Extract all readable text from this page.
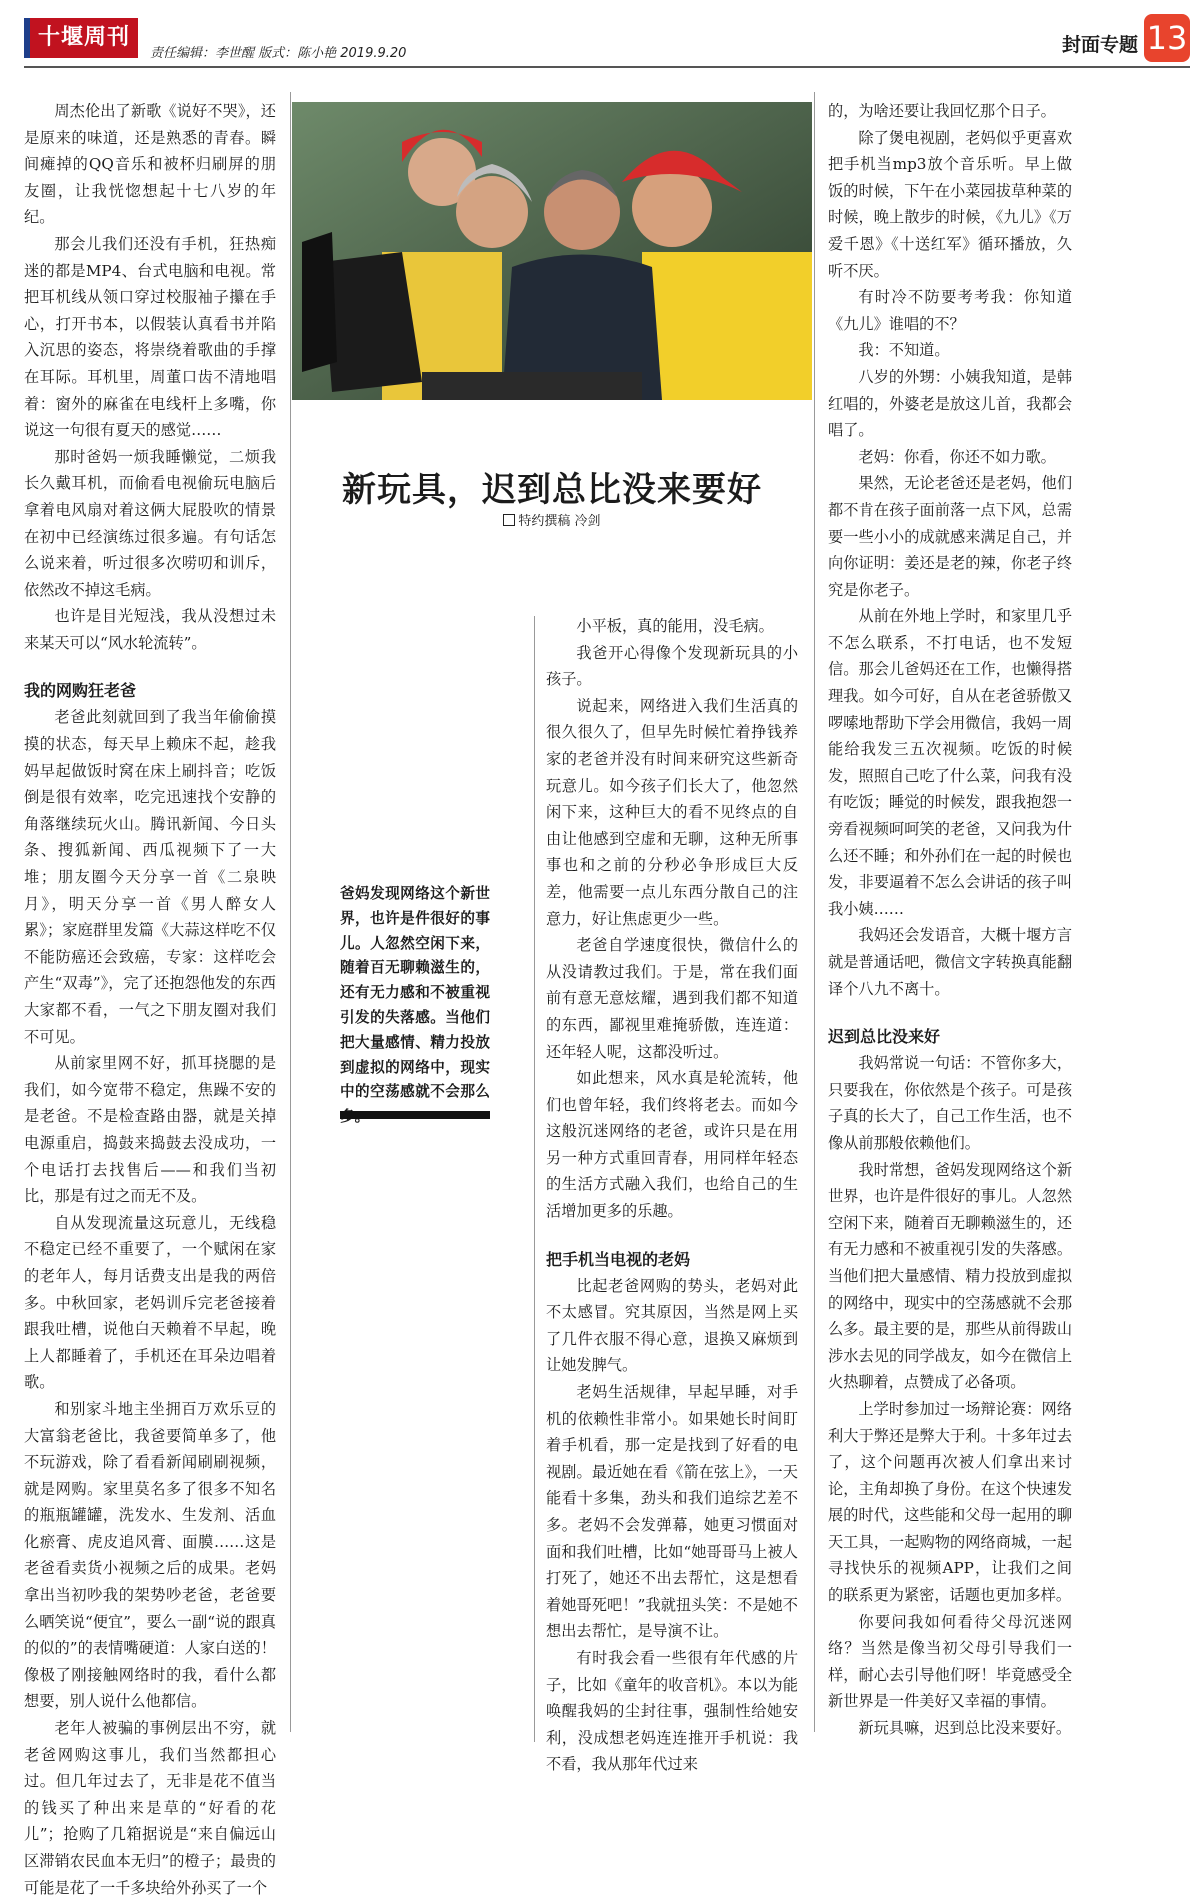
十堰周刊
责任编辑：李世醒 版式：陈小艳 2019.9.20	封面专题 13

周杰伦出了新歌《说好不哭》，还是原来的味道，还是熟悉的青春。瞬间瘫掉的QQ音乐和被杯归刷屏的朋友圈，让我恍惚想起十七八岁的年纪。

那会儿我们还没有手机，狂热痴迷的都是MP4、台式电脑和电视。常把耳机线从领口穿过校服袖子攥在手心，打开书本，以假装认真看书并陷入沉思的姿态，将崇绕着歌曲的手撑在耳际。耳机里，周董口齿不清地唱着：窗外的麻雀在电线杆上多嘴，你说这一句很有夏天的感觉……

那时爸妈一烦我睡懒觉，二烦我长久戴耳机，而偷看电视偷玩电脑后拿着电风扇对着这俩大屁股吹的情景在初中已经演练过很多遍。有句话怎么说来着，听过很多次唠叨和训斥，依然改不掉这毛病。

也许是目光短浅，我从没想过未来某天可以“风水轮流转”。

我的网购狂老爸

老爸此刻就回到了我当年偷偷摸摸的状态，每天早上赖床不起，趁我妈早起做饭时窝在床上刷抖音；吃饭倒是很有效率，吃完迅速找个安静的角落继续玩火山。腾讯新闻、今日头条、搜狐新闻、西瓜视频下了一大堆；朋友圈今天分享一首《二泉映月》，明天分享一首《男人醉女人累》；家庭群里发篇《大蒜这样吃不仅不能防癌还会致癌，专家：这样吃会产生“双毒”》，完了还抱怨他发的东西大家都不看，一气之下朋友圈对我们不可见。

从前家里网不好，抓耳挠腮的是我们，如今宽带不稳定，焦躁不安的是老爸。不是检查路由器，就是关掉电源重启，捣鼓来捣鼓去没成功，一个电话打去找售后——和我们当初比，那是有过之而无不及。

自从发现流量这玩意儿，无线稳不稳定已经不重要了，一个赋闲在家的老年人，每月话费支出是我的两倍多。中秋回家，老妈训斥完老爸接着跟我吐槽，说他白天赖着不早起，晚上人都睡着了，手机还在耳朵边唱着歌。

和别家斗地主坐拥百万欢乐豆的大富翁老爸比，我爸要简单多了，他不玩游戏，除了看看新闻刷刷视频，就是网购。家里莫名多了很多不知名的瓶瓶罐罐，洗发水、生发剂、活血化瘀膏、虎皮追风膏、面膜……这是老爸看卖货小视频之后的成果。老妈拿出当初吵我的架势吵老爸，老爸要么晒笑说“便宜”，要么一副“说的跟真的似的”的表情嘴硬道：人家白送的！像极了刚接触网络时的我，看什么都想要，别人说什么他都信。

老年人被骗的事例层出不穷，就老爸网购这事儿，我们当然都担心过。但几年过去了，无非是花不值当的钱买了种出来是草的“好看的花儿”；抢购了几箱据说是“来自偏远山区滞销农民血本无归”的橙子；最贵的可能是花了一千多块给外孙买了一个

新玩具，迟到总比没来要好
特约撰稿 冷剑
爸妈发现网络这个新世界，也许是件很好的事儿。人忽然空闲下来，随着百无聊赖滋生的，还有无力感和不被重视引发的失落感。当他们把大量感情、精力投放到虚拟的网络中，现实中的空荡感就不会那么

小平板，真的能用，没毛病。

我爸开心得像个发现新玩具的小孩子。

说起来，网络进入我们生活真的很久很久了，但早先时候忙着挣钱养家的老爸并没有时间来研究这些新奇玩意儿。如今孩子们长大了，他忽然闲下来，这种巨大的看不见终点的自由让他感到空虚和无聊，这种无所事事也和之前的分秒必争形成巨大反差，他需要一点儿东西分散自己的注意力，好让焦虑更少一些。

老爸自学速度很快，微信什么的从没请教过我们。于是，常在我们面前有意无意炫耀，遇到我们都不知道的东西，鄙视里难掩骄傲，连连道：还年轻人呢，这都没听过。

如此想来，风水真是轮流转，他们也曾年轻，我们终将老去。而如今这般沉迷网络的老爸，或许只是在用另一种方式重回青春，用同样年轻态的生活方式融入我们，也给自己的生活增加更多的乐趣。

把手机当电视的老妈

比起老爸网购的势头，老妈对此不太感冒。究其原因，当然是网上买了几件衣服不得心意，退换又麻烦到让她发脾气。

老妈生活规律，早起早睡，对手机的依赖性非常小。如果她长时间盯着手机看，那一定是找到了好看的电视剧。最近她在看《箭在弦上》，一天能看十多集，劲头和我们追综艺差不多。老妈不会发弹幕，她更习惯面对面和我们吐槽，比如“她哥哥马上被人打死了，她还不出去帮忙，这是想看着她哥死吧！”我就扭头笑：不是她不想出去帮忙，是导演不让。

有时我会看一些很有年代感的片子，比如《童年的收音机》。本以为能唤醒我妈的尘封往事，强制性给她安利，没成想老妈连连推开手机说：我不看，我从那年代过来

的，为啥还要让我回忆那个日子。

除了煲电视剧，老妈似乎更喜欢把手机当mp3放个音乐听。早上做饭的时候，下午在小菜园拔草种菜的时候，晚上散步的时候，《九儿》《万爱千恩》《十送红军》循环播放，久听不厌。

有时冷不防要考考我：你知道《九儿》谁唱的不？

我：不知道。

八岁的外甥：小姨我知道，是韩红唱的，外婆老是放这儿首，我都会唱了。

老妈：你看，你还不如力歌。

果然，无论老爸还是老妈，他们都不肯在孩子面前落一点下风，总需要一些小小的成就感来满足自己，并向你证明：姜还是老的辣，你老子终究是你老子。

从前在外地上学时，和家里几乎不怎么联系，不打电话，也不发短信。那会儿爸妈还在工作，也懒得搭理我。如今可好，自从在老爸骄傲又啰嗦地帮助下学会用微信，我妈一周能给我发三五次视频。吃饭的时候发，照照自己吃了什么菜，问我有没有吃饭；睡觉的时候发，跟我抱怨一旁看视频呵呵笑的老爸，又问我为什么还不睡；和外孙们在一起的时候也发，非要逼着不怎么会讲话的孩子叫我小姨……

我妈还会发语音，大概十堰方言就是普通话吧，微信文字转换真能翻译个八九不离十。

迟到总比没来好

我妈常说一句话：不管你多大，只要我在，你依然是个孩子。可是孩子真的长大了，自己工作生活，也不像从前那般依赖他们。

我时常想，爸妈发现网络这个新世界，也许是件很好的事儿。人忽然空闲下来，随着百无聊赖滋生的，还有无力感和不被重视引发的失落感。当他们把大量感情、精力投放到虚拟的网络中，现实中的空荡感就不会那么多。最主要的是，那些从前得跋山涉水去见的同学战友，如今在微信上火热聊着，点赞成了必备项。

上学时参加过一场辩论赛：网络利大于弊还是弊大于利。十多年过去了，这个问题再次被人们拿出来讨论，主角却换了身份。在这个快速发展的时代，这些能和父母一起用的聊天工具，一起购物的网络商城，一起寻找快乐的视频APP，让我们之间的联系更为紧密，话题也更加多样。

你要问我如何看待父母沉迷网络？当然是像当初父母引导我们一样，耐心去引导他们呀！毕竟感受全新世界是一件美好又幸福的事情。

新玩具嘛，迟到总比没来要好。
